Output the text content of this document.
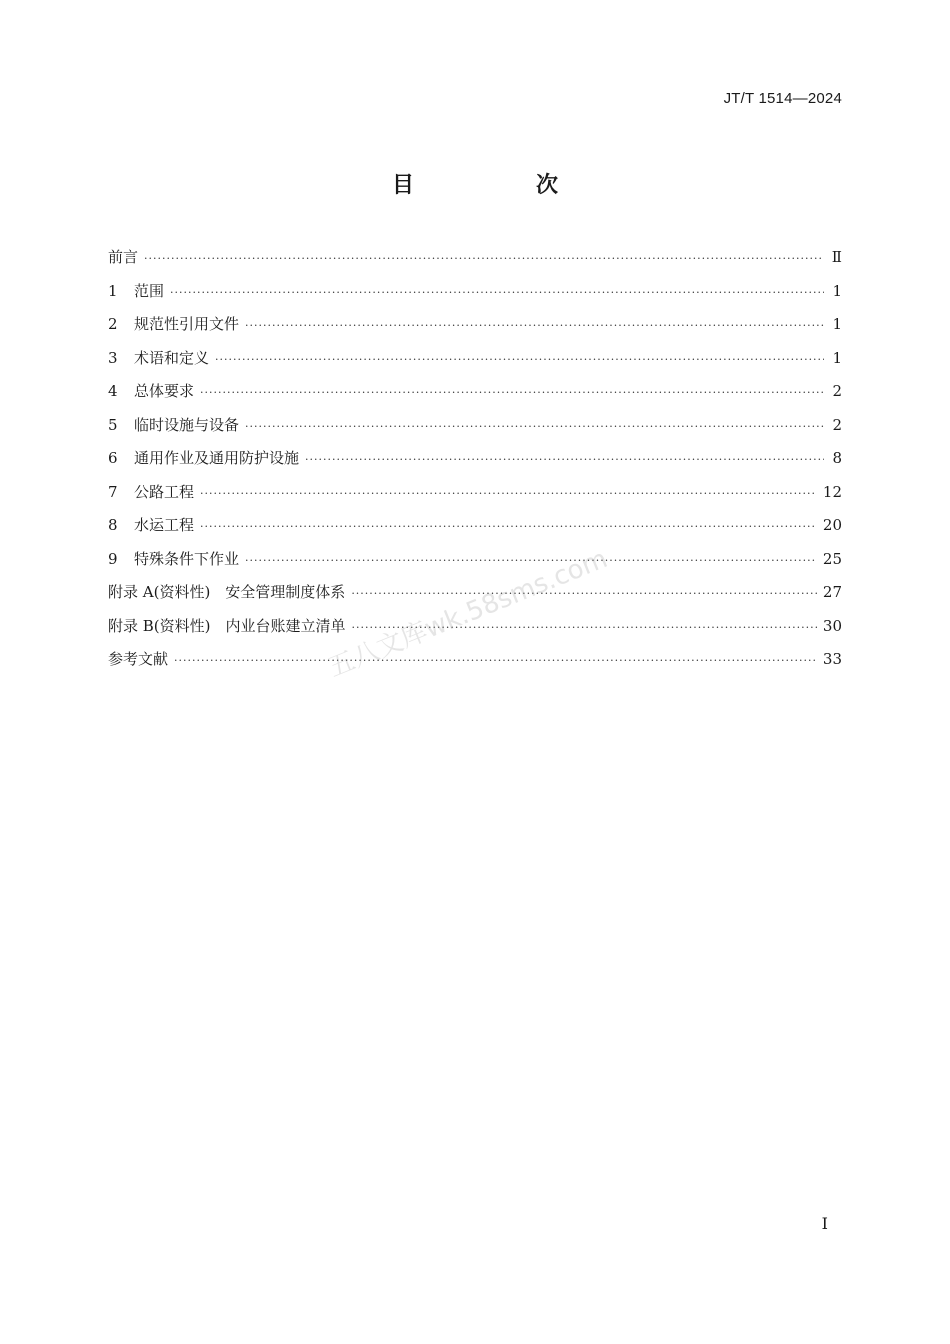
JT/T 1514—2024
目　次
前言 ·····	Ⅱ
1	范围 ·····	1
2	规范性引用文件 ·····	1
3	术语和定义 ·····	1
4	总体要求 ·····	2
5	临时设施与设备 ·····	2
6	通用作业及通用防护设施 ·····	8
7	公路工程 ·····	12
8	水运工程 ·····	20
9	特殊条件下作业 ·····	25
附录 A(资料性)　安全管理制度体系 ·····	27
附录 B(资料性)　内业台账建立清单 ·····	30
参考文献 ·····	33
五八文库wk.58sms.com
I
